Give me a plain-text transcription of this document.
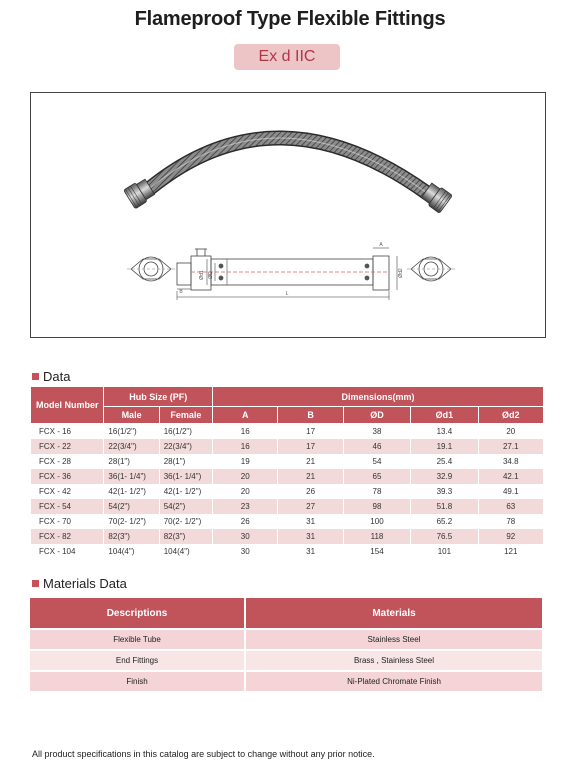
Flameproof Type Flexible Fittings
Ex d IIC
L
B
A
Ød1 ØD	Ød2
Data
Model Number	Hub Size (PF)		Dimensions(mm)				
	Male	Female	A	B	ØD	Ød1	Ød2
FCX - 16	16(1/2")	16(1/2")	16	17	38	13.4	20
FCX - 22	22(3/4")	22(3/4")	16	17	46	19.1	27.1
FCX - 28	28(1")	28(1")	19	21	54	25.4	34.8
FCX - 36	36(1- 1/4")	36(1- 1/4")	20	21	65	32.9	42.1
FCX - 42	42(1- 1/2")	42(1- 1/2")	20	26	78	39.3	49.1
FCX - 54	54(2")	54(2")	23	27	98	51.8	63
FCX - 70	70(2- 1/2")	70(2- 1/2")	26	31	100	65.2	78
FCX - 82	82(3")	82(3")	30	31	118	76.5	92
FCX - 104	104(4")	104(4")	30	31	154	101	121
Materials Data
Descriptions	Materials
Flexible Tube	Stainless Steel
End Fittings	Brass , Stainless Steel
Finish	Ni-Plated Chromate Finish
All product specifications in this catalog are subject to change without any prior notice.
